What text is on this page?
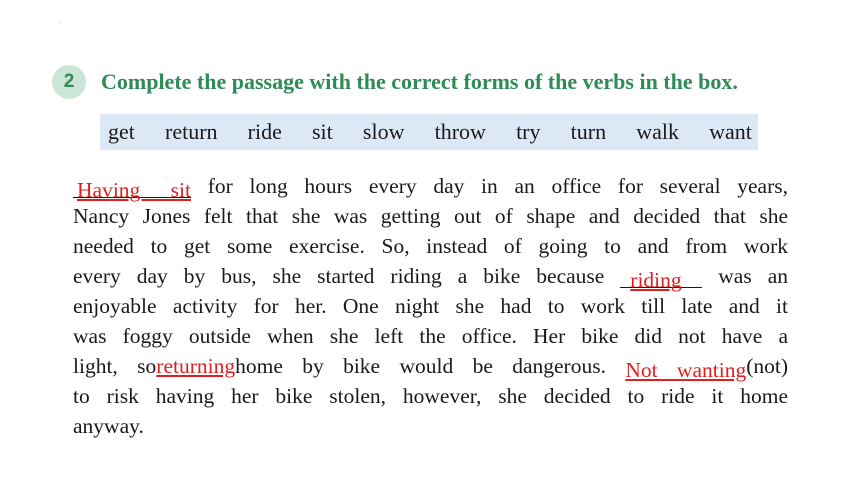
·
2	Complete the passage with the correct forms of the verbs in the box.
get return ride sit slow throw try turn walk want
Having sit for long hours every day in an office for several years,
Nancy Jones felt that she was getting out of shape and decided that she
needed to get some exercise. So, instead of going to and from work
every day by bus, she started riding a bike because riding was an
enjoyable activity for her. One night she had to work till late and it
was foggy outside when she left the office. Her bike did not have a
light, soreturninghome by bike would be dangerous. Not wanting(not)
to risk having her bike stolen, however, she decided to ride it home
anyway.
